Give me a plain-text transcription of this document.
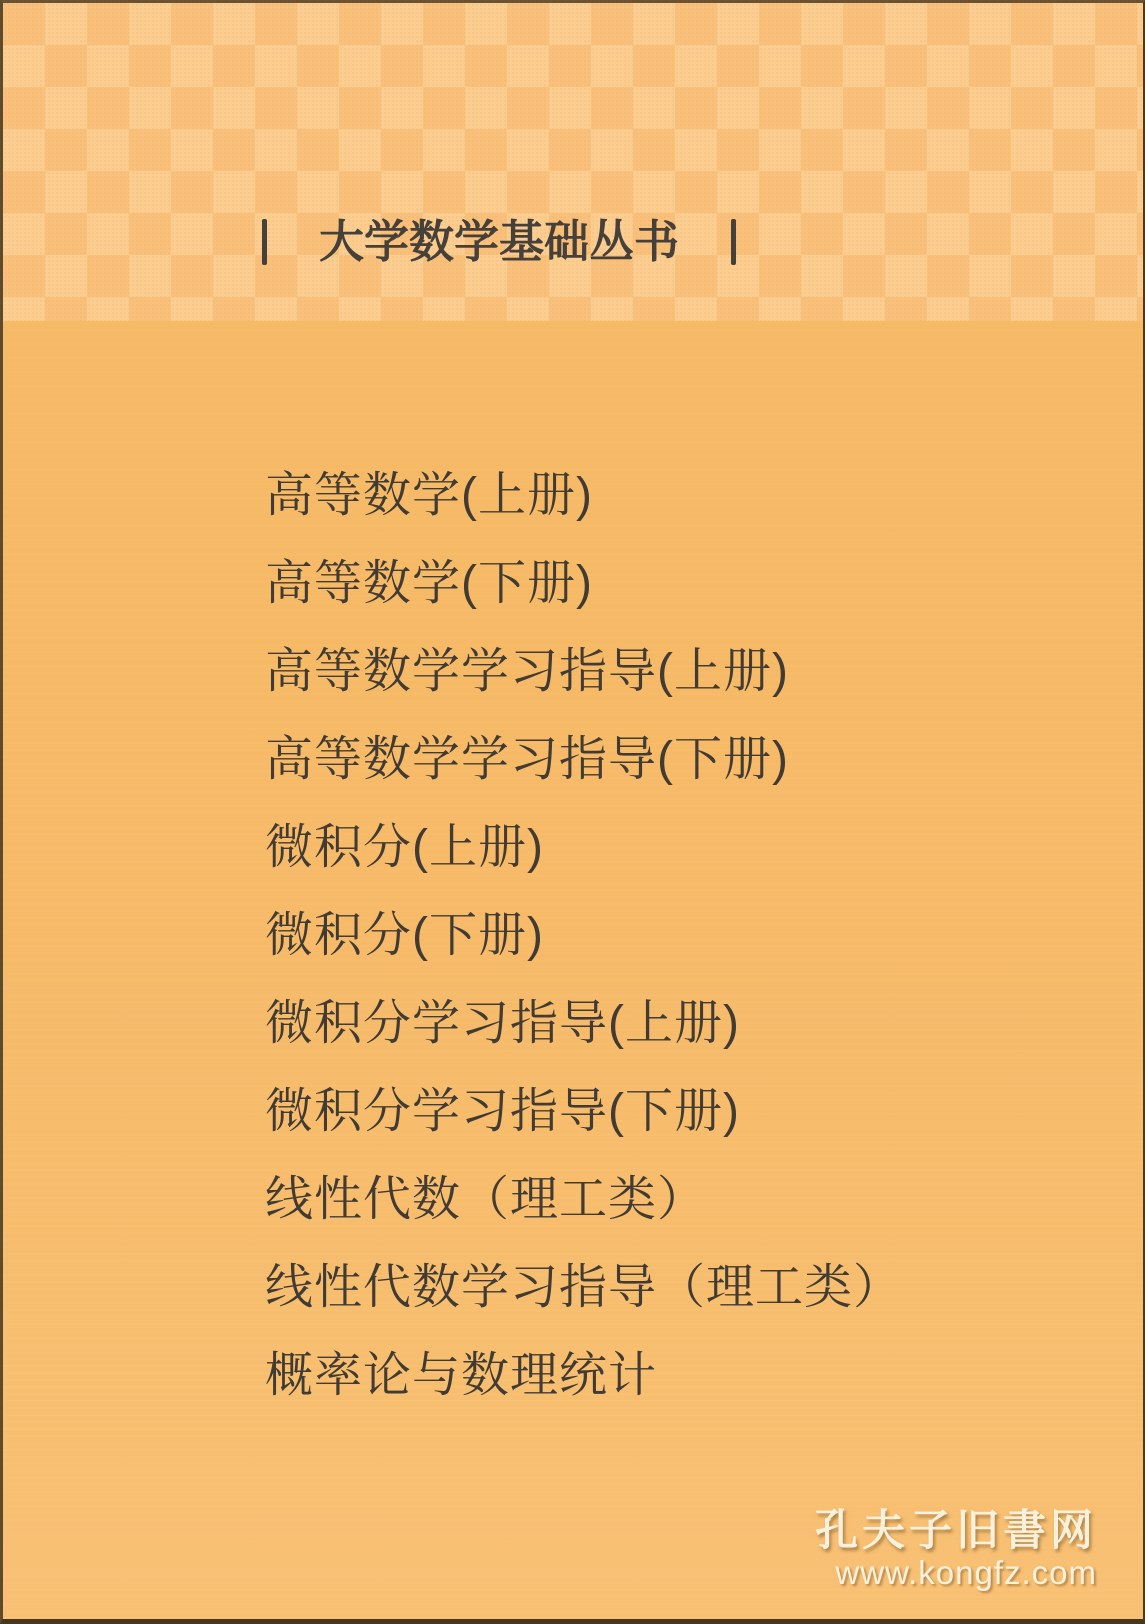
大学数学基础丛书
高等数学(上册)
高等数学(下册)
高等数学学习指导(上册)
高等数学学习指导(下册)
微积分(上册)
微积分(下册)
微积分学习指导(上册)
微积分学习指导(下册)
线性代数（理工类）
线性代数学习指导（理工类）
概率论与数理统计
孔夫子旧書网
www.kongfz.com
